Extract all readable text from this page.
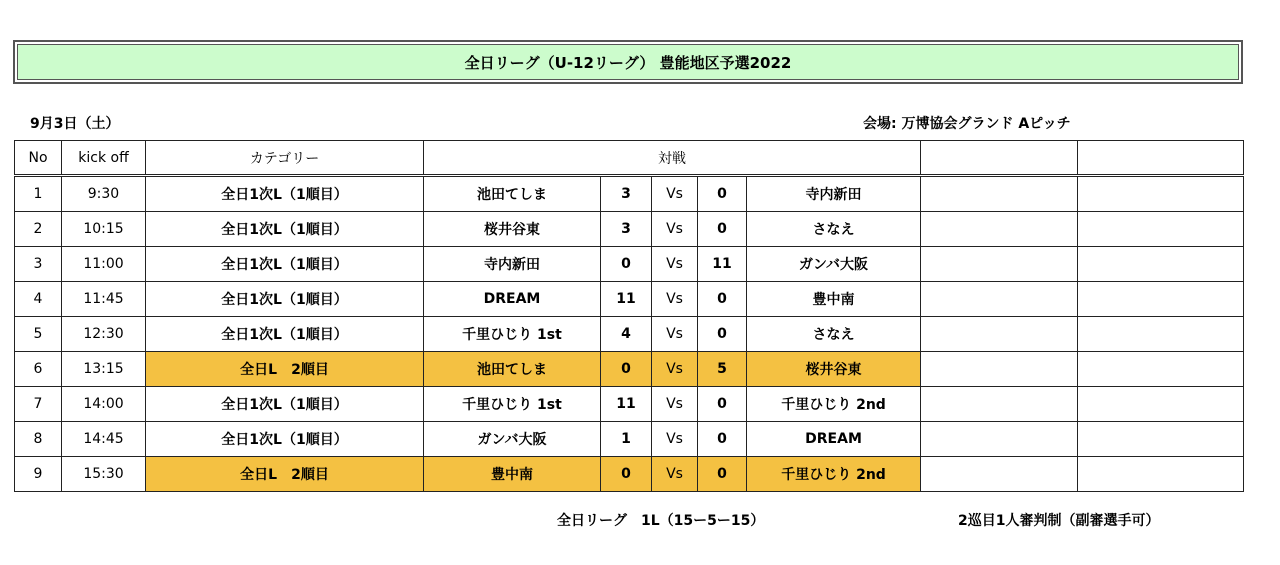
全日リーグ（U-12リーグ） 豊能地区予選2022
9月3日（土）	会場: 万博協会グランド Aピッチ
No	kick off	カテゴリー	対戦						
1	9:30	全日1次L（1順目）	池田てしま	3	Vs	0	寺内新田		
2	10:15	全日1次L（1順目）	桜井谷東	3	Vs	0	さなえ		
3	11:00	全日1次L（1順目）	寺内新田	0	Vs	11	ガンバ大阪		
4	11:45	全日1次L（1順目）	DREAM	11	Vs	0	豊中南		
5	12:30	全日1次L（1順目）	千里ひじり 1st	4	Vs	0	さなえ		
6	13:15	全日L　2順目	池田てしま	0	Vs	5	桜井谷東		
7	14:00	全日1次L（1順目）	千里ひじり 1st	11	Vs	0	千里ひじり 2nd		
8	14:45	全日1次L（1順目）	ガンバ大阪	1	Vs	0	DREAM		
9	15:30	全日L　2順目	豊中南	0	Vs	0	千里ひじり 2nd		
全日リーグ　1L（15ー5ー15）	2巡目1人審判制（副審選手可）
